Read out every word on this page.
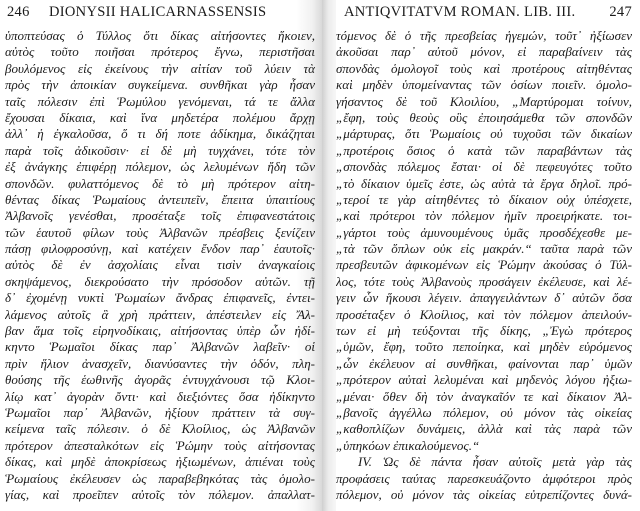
246 DIONYSII HALICARNASSENSIS
ὑποπτεύσας ὁ Τύλλος ὅτι δίκας αἰτήσοντες ἥκοιεν,
αὐτὸς τοῦτο ποιῆσαι πρότερος ἔγνω, περιστῆσαι
βουλόμενος εἰς ἐκείνους τὴν αἰτίαν τοῦ λύειν τὰ
πρὸς τὴν ἀποικίαν συγκείμενα. συνθῆκαι γὰρ ἦσαν
ταῖς πόλεσιν ἐπὶ Ῥωμύλου γενόμεναι, τά τε ἄλλα
ἔχουσαι δίκαια, καὶ ἵνα μηδετέρα πολέμου ἄρχῃ
ἀλλ᾽ ἡ ἐγκαλοῦσα, ὅ τι δή ποτε ἀδίκημα, δικάζηται
παρὰ τοῖς ἀδικοῦσιν· εἰ δὲ μὴ τυγχάνει, τότε τὸν
ἐξ ἀνάγκης ἐπιφέρῃ πόλεμον, ὡς λελυμένων ἤδη τῶν
σπονδῶν. φυλαττόμενος δὲ τὸ μὴ πρότερον αἰτη-
θέντας δίκας Ῥωμαίους ἀντειπεῖν, ἔπειτα ὑπαιτίους
Ἀλβανοῖς γενέσθαι, προσέταξε τοῖς ἐπιφανεστάτοις
τῶν ἑαυτοῦ φίλων τοὺς Ἀλβανῶν πρέσβεις ξενίζειν
πάσῃ φιλοφροσύνῃ, καὶ κατέχειν ἔνδον παρ᾽ ἑαυτοῖς·
αὐτὸς δὲ ἐν ἀσχολίαις εἶναι τισὶν ἀναγκαίοις
σκηψάμενος, διεκρούσατο τὴν πρόσοδον αὐτῶν. τῇ
δ᾽ ἐχομένῃ νυκτὶ Ῥωμαίων ἄνδρας ἐπιφανεῖς, ἐντει-
λάμενος αὐτοῖς ἃ χρὴ πράττειν, ἀπέστειλεν εἰς Ἄλ-
βαν ἅμα τοῖς εἰρηνοδίκαις, αἰτήσοντας ὑπὲρ ὧν ἠδί-
κηντο Ῥωμαῖοι δίκας παρ᾽ Ἀλβανῶν λαβεῖν· οἱ
πρὶν ἥλιον ἀνασχεῖν, διανύσαντες τὴν ὁδόν, πλη-
θούσης τῆς ἑωθινῆς ἀγορᾶς ἐντυγχάνουσι τῷ Κλοι-
λίῳ κατ᾽ ἀγορὰν ὄντι· καὶ διεξιόντες ὅσα ἠδίκηντο
Ῥωμαῖοι παρ᾽ Ἀλβανῶν, ἠξίουν πράττειν τὰ συγ-
κείμενα ταῖς πόλεσιν. ὁ δὲ Κλοίλιος, ὡς Ἀλβανῶν
πρότερον ἀπεσταλκότων εἰς Ῥώμην τοὺς αἰτήσοντας
δίκας, καὶ μηδὲ ἀποκρίσεως ἠξιωμένων, ἀπιέναι τοὺς
Ῥωμαίους ἐκέλευσεν ὡς παραβεβηκότας τὰς ὁμολο-
γίας, καὶ προεῖπεν αὐτοῖς τὸν πόλεμον. ἀπαλλατ-
ANTIQVITATVM ROMAN. LIB. III. 247
τόμενος δὲ ὁ τῆς πρεσβείας ἡγεμών, τοῦτ᾽ ἠξίωσεν
ἀκοῦσαι παρ᾽ αὐτοῦ μόνον, εἰ παραβαίνειν τὰς
σπονδὰς ὁμολογοῖ τοὺς καὶ προτέρους αἰτηθέντας
καὶ μηδὲν ὑπομείναντας τῶν ὁσίων ποιεῖν. ὁμολο-
γήσαντος δὲ τοῦ Κλοιλίου, „Μαρτύρομαι τοίνυν,
„ἔφη, τοὺς θεοὺς οὓς ἐποιησάμεθα τῶν σπονδῶν
„μάρτυρας, ὅτι Ῥωμαίοις οὐ τυχοῦσι τῶν δικαίων
„προτέροις ὅσιος ὁ κατὰ τῶν παραβάντων τὰς
„σπονδὰς πόλεμος ἔσται· οἱ δὲ πεφευγότες τοῦτο
„τὸ δίκαιον ὑμεῖς ἐστε, ὡς αὐτὰ τὰ ἔργα δηλοῖ. πρό-
„τεροί τε γὰρ αἰτηθέντες τὸ δίκαιον οὐχ ὑπέσχετε,
„καὶ πρότεροι τὸν πόλεμον ἡμῖν προειρήκατε. τοι-
„γάρτοι τοὺς ἀμυνουμένους ὑμᾶς προσδέχεσθε με-
„τὰ τῶν ὅπλων οὐκ εἰς μακράν.“ ταῦτα παρὰ τῶν
πρεσβευτῶν ἀφικομένων εἰς Ῥώμην ἀκούσας ὁ Τύλ-
λος, τότε τοὺς Ἀλβανοὺς προσάγειν ἐκέλευσε, καὶ λέ-
γειν ὧν ἥκουσι λέγειν. ἀπαγγειλάντων δ᾽ αὐτῶν ὅσα
προσέταξεν ὁ Κλοίλιος, καὶ τὸν πόλεμον ἀπειλούν-
των εἰ μὴ τεύξονται τῆς δίκης, „Ἐγὼ πρότερος
„ὑμῶν, ἔφη, τοῦτο πεποίηκα, καὶ μηδὲν εὑρόμενος
„ὧν ἐκέλευον αἱ συνθῆκαι, φαίνονται παρ᾽ ὑμῶν
„πρότερον αὐταὶ λελυμέναι καὶ μηδενὸς λόγου ἠξιω-
„μέναι· ὅθεν δὴ τὸν ἀναγκαῖόν τε καὶ δίκαιον Ἀλ-
„βανοῖς ἀγγέλλω πόλεμον, οὐ μόνον τὰς οἰκείας
„καθοπλίζων δυνάμεις, ἀλλὰ καὶ τὰς παρὰ τῶν
„ὑπηκόων ἐπικαλούμενος.“
IV. Ὡς δὲ πάντα ἦσαν αὐτοῖς μετὰ γὰρ τὰς
προφάσεις ταύτας παρεσκευάζοντο ἀμφότεροι πρὸς
πόλεμον, οὐ μόνον τὰς οἰκείας εὐτρεπίζοντες δυνά-
